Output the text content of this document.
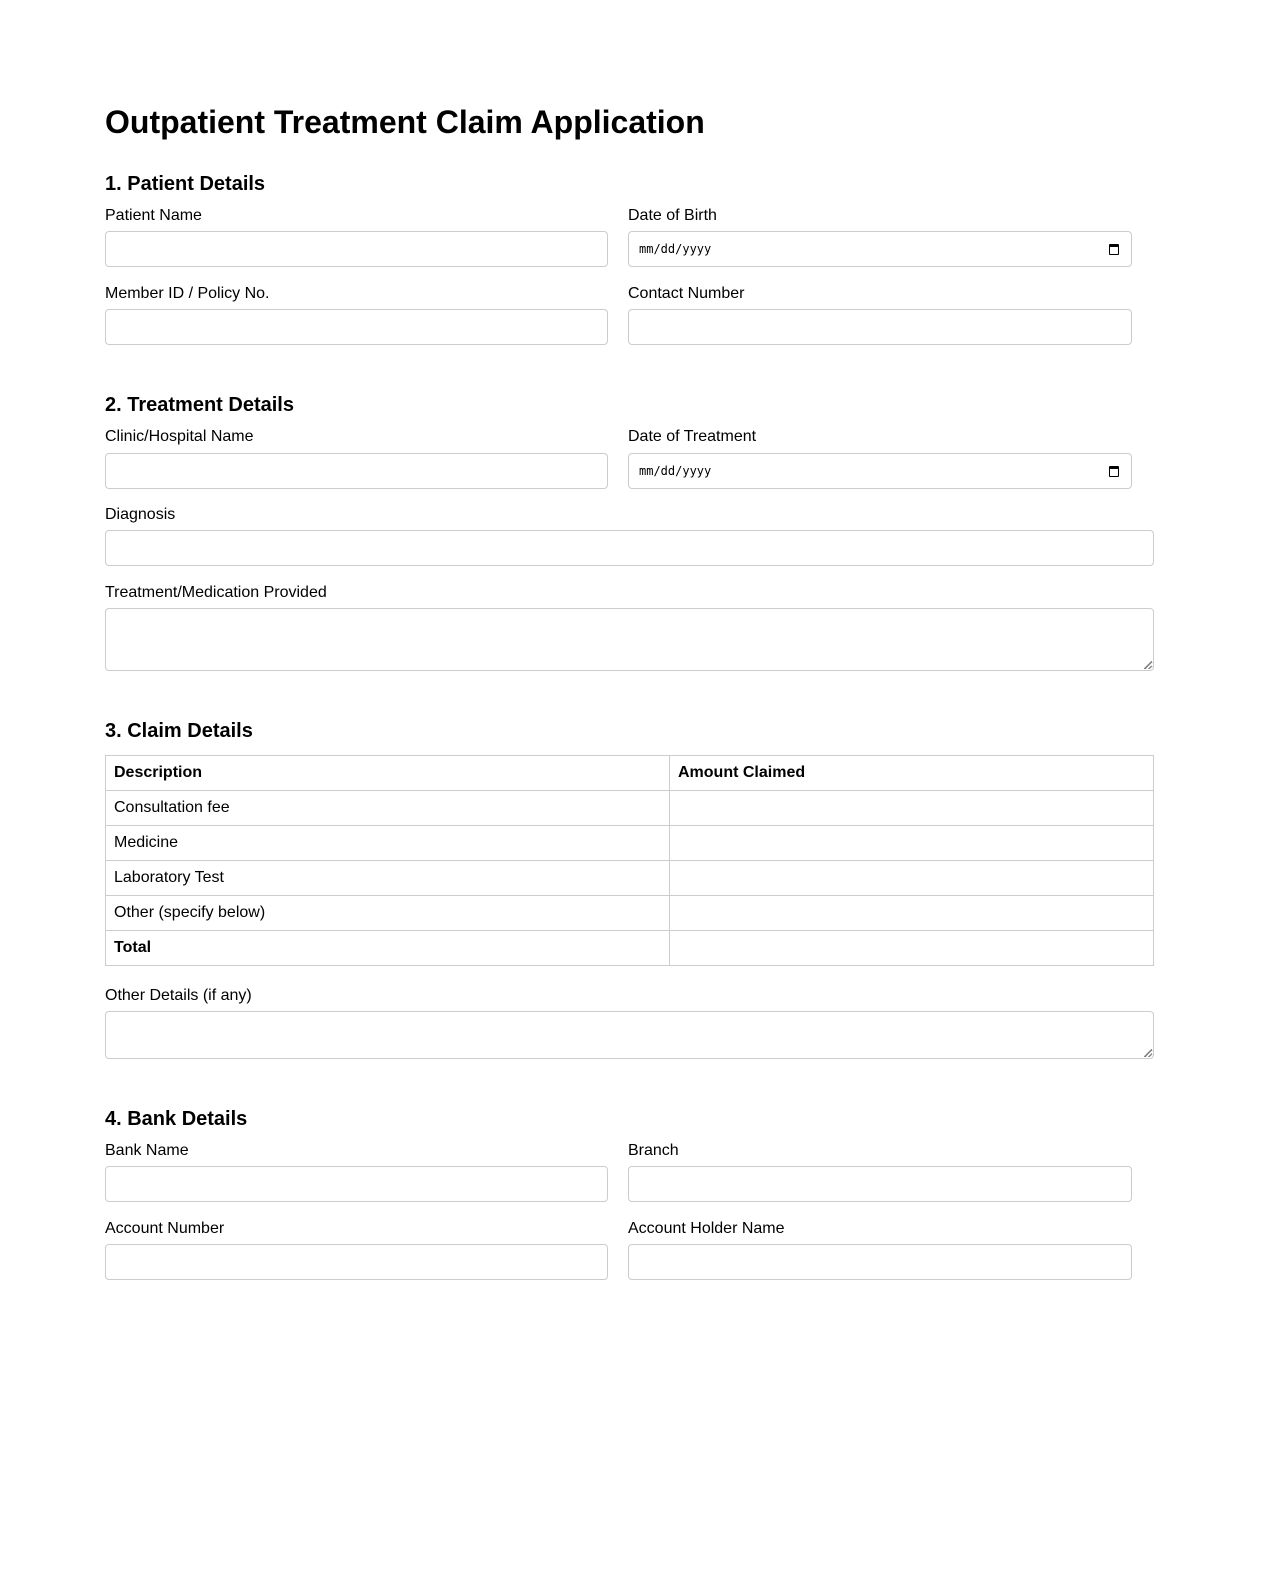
Outpatient Treatment Claim Application
1. Patient Details
Patient Name	Date of Birth
mm/dd/yyyy
Member ID / Policy No.	Contact Number
2. Treatment Details
Clinic/Hospital Name	Date of Treatment
mm/dd/yyyy
Diagnosis
Treatment/Medication Provided
3. Claim Details
Description	Amount Claimed
Consultation fee	
Medicine	
Laboratory Test	
Other (specify below)	
Total	
Other Details (if any)
4. Bank Details
Bank Name	Branch
Account Number	Account Holder Name
